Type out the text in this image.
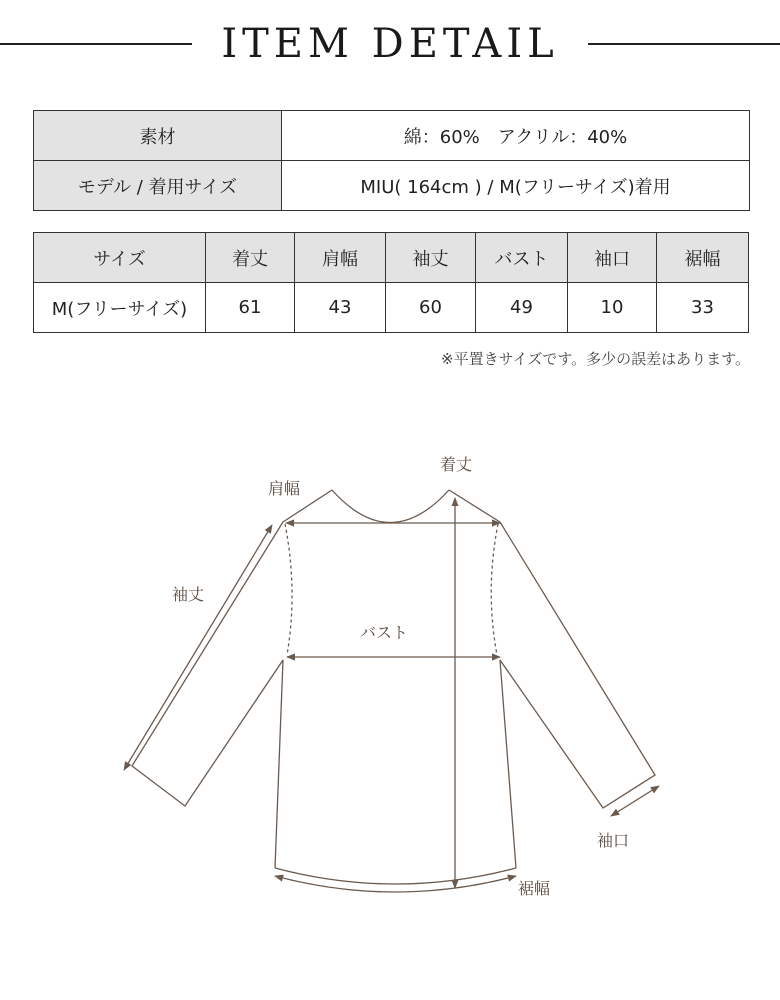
ITEM DETAIL
素材	綿：60%　アクリル：40%
モデル / 着用サイズ	MIU( 164cm ) / M(フリーサイズ)着用
サイズ	着丈	肩幅	袖丈	バスト	袖口	裾幅
M(フリーサイズ)	61	43	60	49	10	33
※平置きサイズです。多少の誤差はあります。
着丈
肩幅
袖丈
バスト
袖口
裾幅
